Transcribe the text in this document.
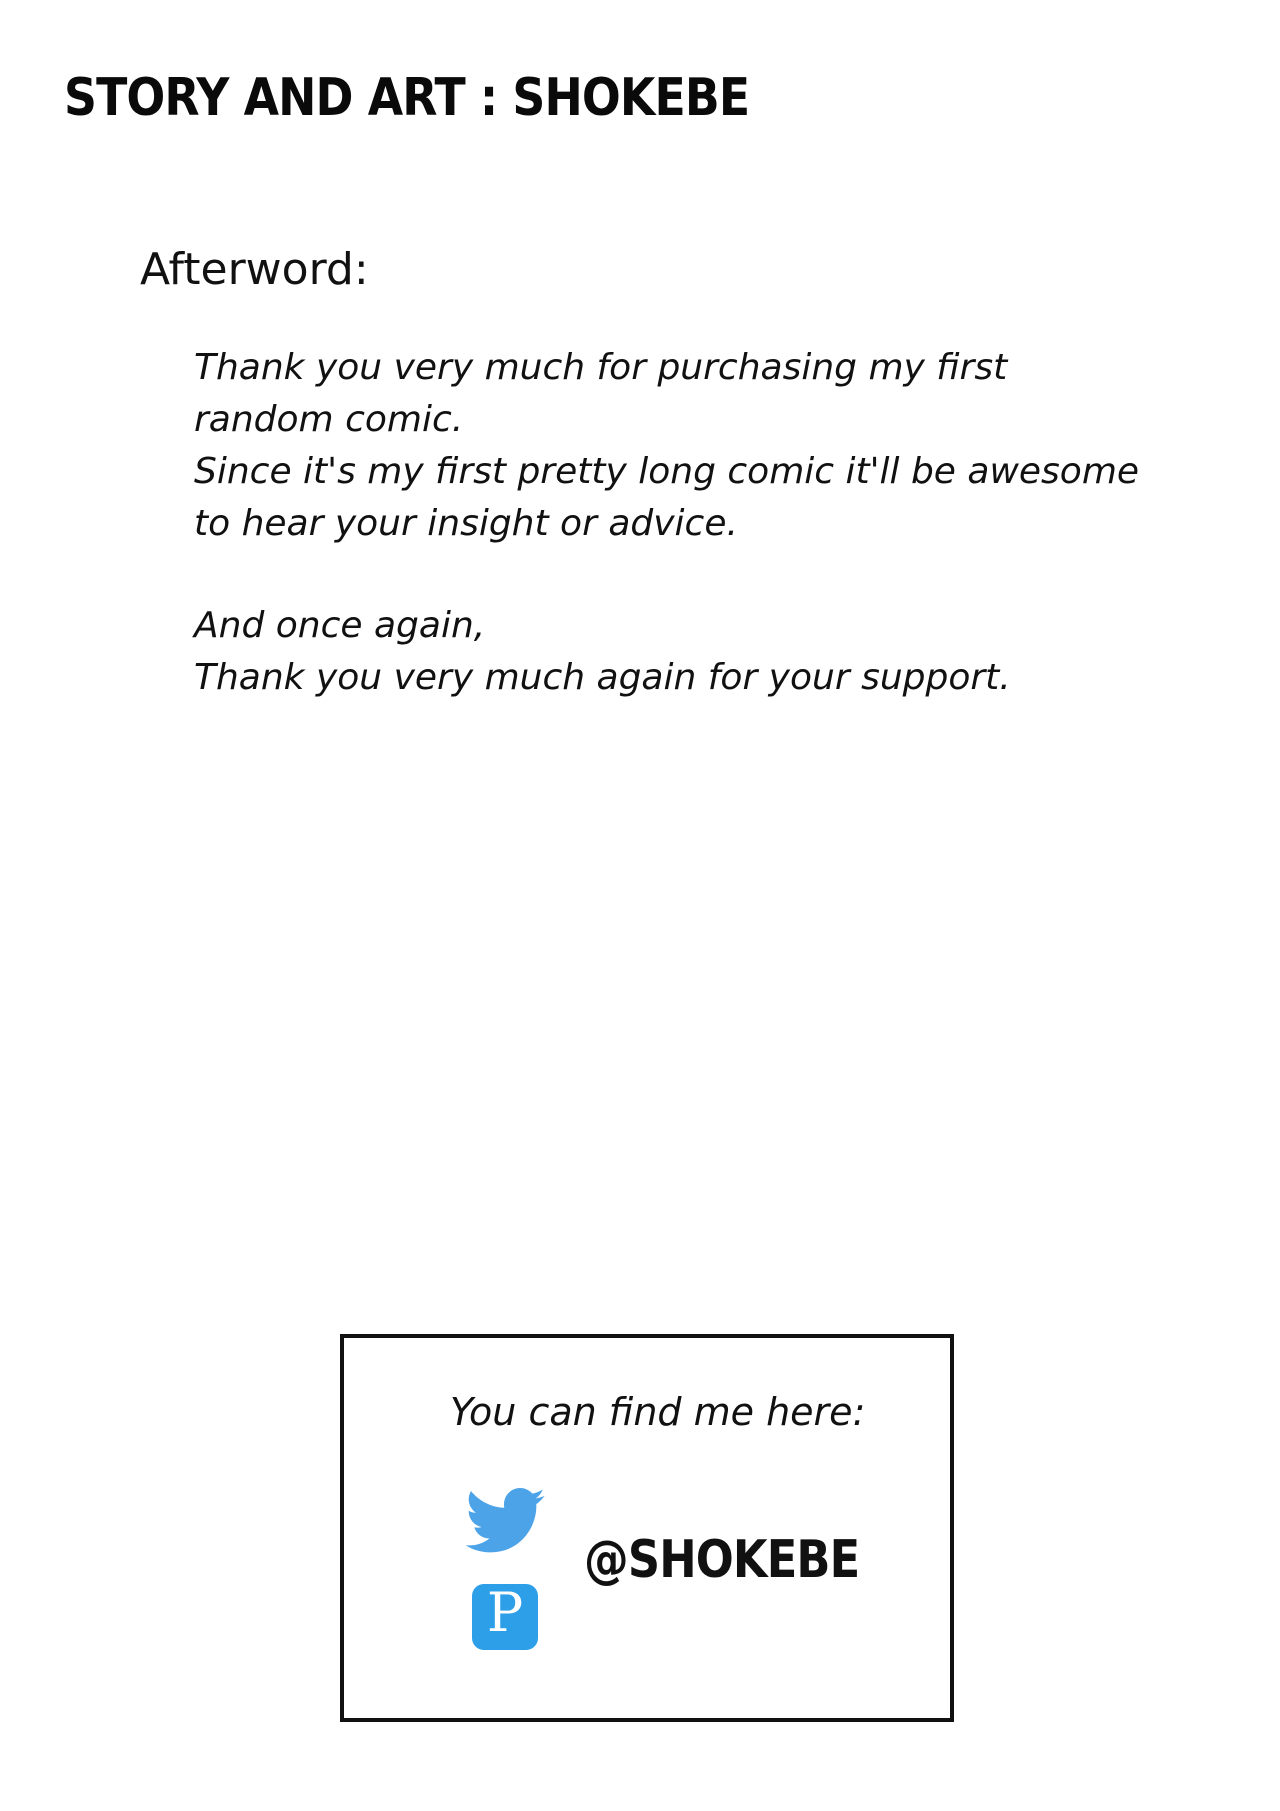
STORY AND ART : SHOKEBE
Afterword:
Thank you very much for purchasing my first
random comic.
Since it's my first pretty long comic it'll be awesome
to hear your insight or advice.
And once again,
Thank you very much again for your support.
You can find me here:
P
@SHOKEBE
